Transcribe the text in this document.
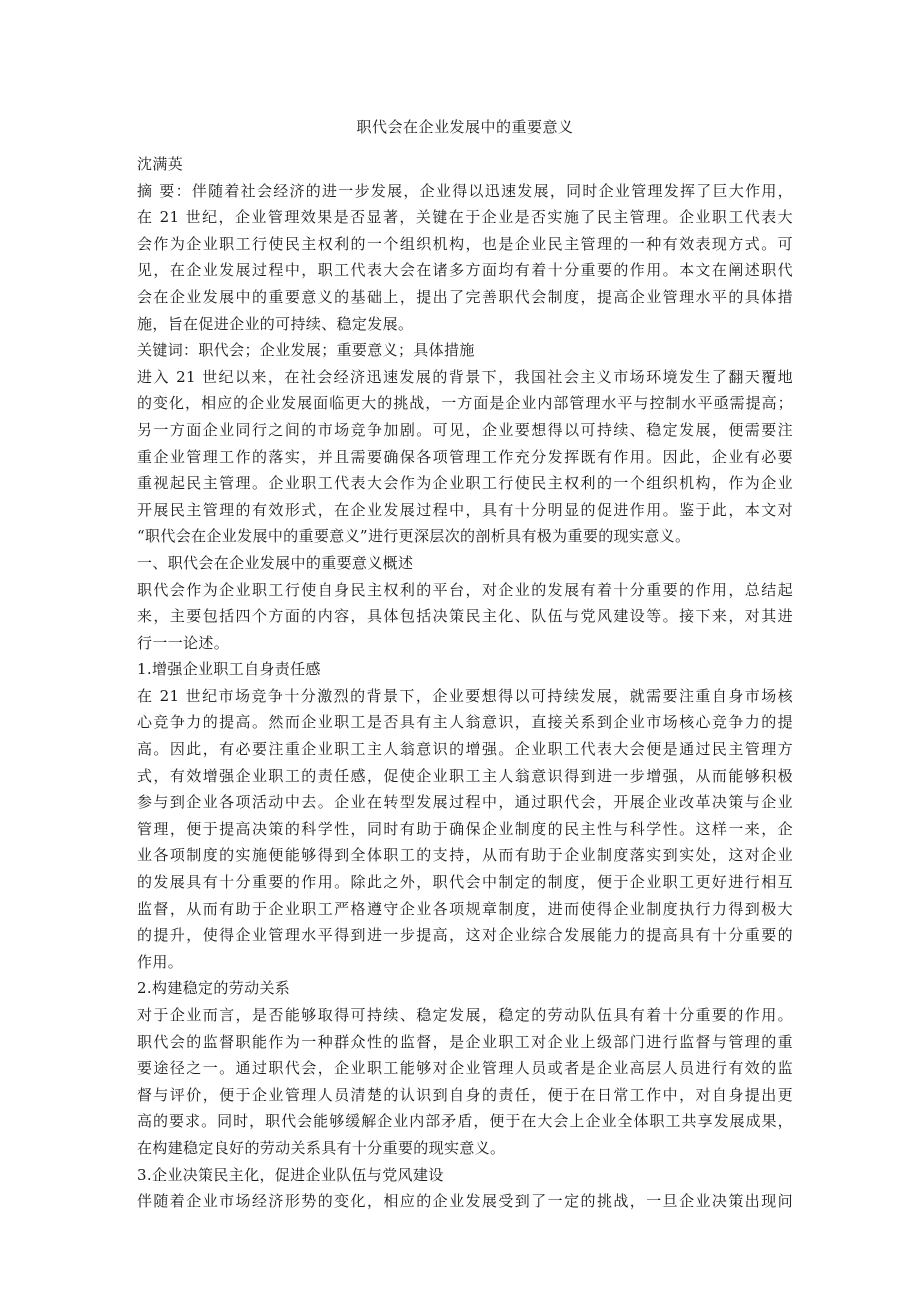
职代会在企业发展中的重要意义
沈满英
摘 要：伴随着社会经济的进一步发展，企业得以迅速发展，同时企业管理发挥了巨大作用，
在 21 世纪，企业管理效果是否显著，关键在于企业是否实施了民主管理。企业职工代表大
会作为企业职工行使民主权利的一个组织机构，也是企业民主管理的一种有效表现方式。可
见，在企业发展过程中，职工代表大会在诸多方面均有着十分重要的作用。本文在阐述职代
会在企业发展中的重要意义的基础上，提出了完善职代会制度，提高企业管理水平的具体措
施，旨在促进企业的可持续、稳定发展。
关键词：职代会；企业发展；重要意义；具体措施
进入 21 世纪以来，在社会经济迅速发展的背景下，我国社会主义市场环境发生了翻天覆地
的变化，相应的企业发展面临更大的挑战，一方面是企业内部管理水平与控制水平亟需提高；
另一方面企业同行之间的市场竞争加剧。可见，企业要想得以可持续、稳定发展，便需要注
重企业管理工作的落实，并且需要确保各项管理工作充分发挥既有作用。因此，企业有必要
重视起民主管理。企业职工代表大会作为企业职工行使民主权利的一个组织机构，作为企业
开展民主管理的有效形式，在企业发展过程中，具有十分明显的促进作用。鉴于此，本文对
“职代会在企业发展中的重要意义”进行更深层次的剖析具有极为重要的现实意义。
一、职代会在企业发展中的重要意义概述
职代会作为企业职工行使自身民主权利的平台，对企业的发展有着十分重要的作用，总结起
来，主要包括四个方面的内容，具体包括决策民主化、队伍与党风建设等。接下来，对其进
行一一论述。
1.增强企业职工自身责任感
在 21 世纪市场竞争十分激烈的背景下，企业要想得以可持续发展，就需要注重自身市场核
心竞争力的提高。然而企业职工是否具有主人翁意识，直接关系到企业市场核心竞争力的提
高。因此，有必要注重企业职工主人翁意识的增强。企业职工代表大会便是通过民主管理方
式，有效增强企业职工的责任感，促使企业职工主人翁意识得到进一步增强，从而能够积极
参与到企业各项活动中去。企业在转型发展过程中，通过职代会，开展企业改革决策与企业
管理，便于提高决策的科学性，同时有助于确保企业制度的民主性与科学性。这样一来，企
业各项制度的实施便能够得到全体职工的支持，从而有助于企业制度落实到实处，这对企业
的发展具有十分重要的作用。除此之外，职代会中制定的制度，便于企业职工更好进行相互
监督，从而有助于企业职工严格遵守企业各项规章制度，进而使得企业制度执行力得到极大
的提升，使得企业管理水平得到进一步提高，这对企业综合发展能力的提高具有十分重要的
作用。
2.构建稳定的劳动关系
对于企业而言，是否能够取得可持续、稳定发展，稳定的劳动队伍具有着十分重要的作用。
职代会的监督职能作为一种群众性的监督，是企业职工对企业上级部门进行监督与管理的重
要途径之一。通过职代会，企业职工能够对企业管理人员或者是企业高层人员进行有效的监
督与评价，便于企业管理人员清楚的认识到自身的责任，便于在日常工作中，对自身提出更
高的要求。同时，职代会能够缓解企业内部矛盾，便于在大会上企业全体职工共享发展成果，
在构建稳定良好的劳动关系具有十分重要的现实意义。
3.企业决策民主化，促进企业队伍与党风建设
伴随着企业市场经济形势的变化，相应的企业发展受到了一定的挑战，一旦企业决策出现问
